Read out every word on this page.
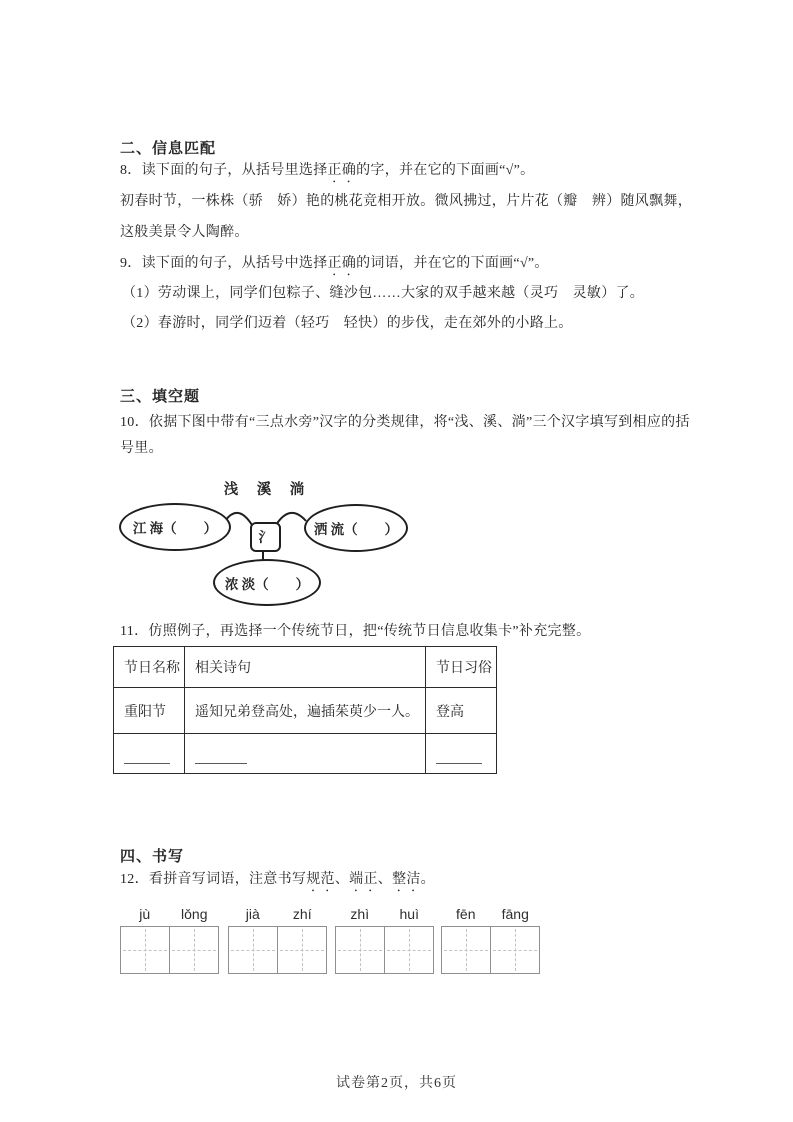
二、信息匹配
8．读下面的句子，从括号里选择正确的字，并在它的下面画“√”。
初春时节，一株株（骄　娇）艳的桃花竞相开放。微风拂过，片片花（瓣　辨）随风飘舞，
这般美景令人陶醉。
9．读下面的句子，从括号中选择正确的词语，并在它的下面画“√”。
（1）劳动课上，同学们包粽子、缝沙包……大家的双手越来越（灵巧　灵敏）了。
（2）春游时，同学们迈着（轻巧　轻快）的步伐，走在郊外的小路上。
三、填空题
10．依据下图中带有“三点水旁”汉字的分类规律，将“浅、溪、淌”三个汉字填写到相应的括
号里。
浅　溪　淌
江 海（　　）
氵
洒 流（　　）
浓 淡（　　）
11．仿照例子，再选择一个传统节日，把“传统节日信息收集卡”补充完整。
节日名称	相关诗句	节日习俗
重阳节	遥知兄弟登高处，遍插茱萸少一人。	登高

四、书写
12．看拼音写词语，注意书写规范、端正、整洁。
jù	lǒng	jià	zhí	zhì	huì	fēn	fāng
试卷第2页，共6页
